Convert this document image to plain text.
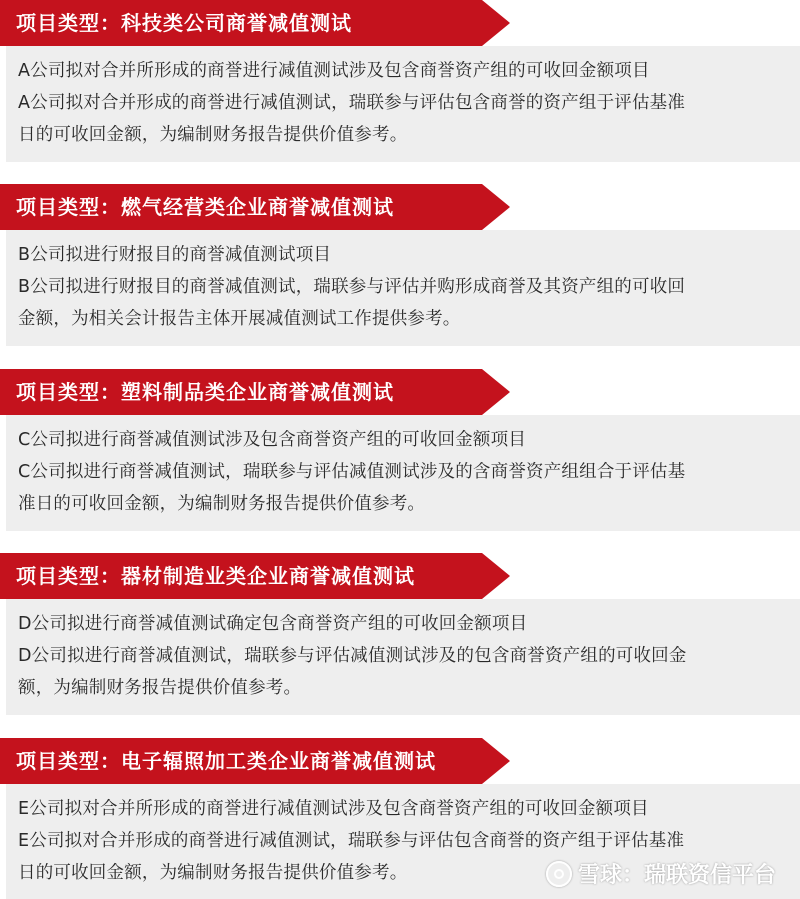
项目类型：科技类公司商誉减值测试

A公司拟对合并所形成的商誉进行减值测试涉及包含商誉资产组的可收回金额项目

A公司拟对合并形成的商誉进行减值测试，瑞联参与评估包含商誉的资产组于评估基准

日的可收回金额，为编制财务报告提供价值参考。

项目类型：燃气经营类企业商誉减值测试

B公司拟进行财报目的商誉减值测试项目

B公司拟进行财报目的商誉减值测试，瑞联参与评估并购形成商誉及其资产组的可收回

金额，为相关会计报告主体开展减值测试工作提供参考。

项目类型：塑料制品类企业商誉减值测试

C公司拟进行商誉减值测试涉及包含商誉资产组的可收回金额项目

C公司拟进行商誉减值测试，瑞联参与评估减值测试涉及的含商誉资产组组合于评估基

准日的可收回金额，为编制财务报告提供价值参考。

项目类型：器材制造业类企业商誉减值测试

D公司拟进行商誉减值测试确定包含商誉资产组的可收回金额项目

D公司拟进行商誉减值测试，瑞联参与评估减值测试涉及的包含商誉资产组的可收回金

额，为编制财务报告提供价值参考。

项目类型：电子辐照加工类企业商誉减值测试

E公司拟对合并所形成的商誉进行减值测试涉及包含商誉资产组的可收回金额项目

E公司拟对合并形成的商誉进行减值测试，瑞联参与评估包含商誉的资产组于评估基准

日的可收回金额，为编制财务报告提供价值参考。	雪球：瑞联资信平台
